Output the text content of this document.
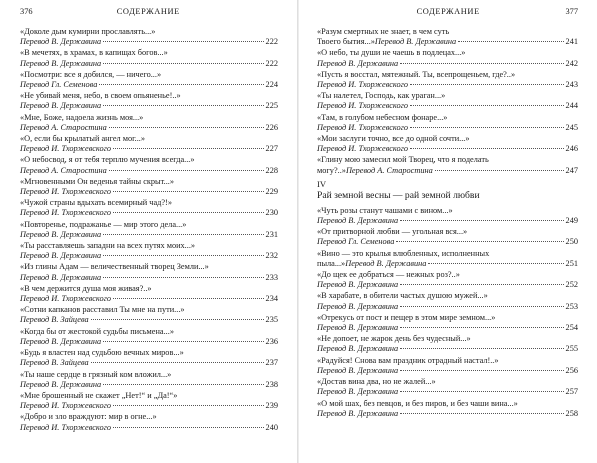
376	СОДЕРЖАНИЕ
«Доколе дым кумирни прославлять...»
Перевод В. Державина	222
«В мечетях, в храмах, в капищах богов...»
Перевод В. Державина	222
«Посмотри: все я добился, — ничего...»
Перевод Гл. Семенова	224
«Не убивай меня, небо, в своем опьяненье!..»
Перевод В. Державина	225
«Мне, Боже, надоела жизнь моя...»
Перевод А. Старостина	226
«О, если бы крылатый ангел мог...»
Перевод И. Тхоржевского	227
«О небосвод, я от тебя терплю мучения всегда...»
Перевод А. Старостина	228
«Мгновенными Он веденья тайны скрыт...»
Перевод И. Тхоржевского	229
«Чужой страны вдыхать всемирный чад?!»
Перевод И. Тхоржевского	230
«Повторенье, подражанье — мир этого дела...»
Перевод В. Державина	231
«Ты расставляешь западни на всех путях моих...»
Перевод В. Державина	232
«Из глины Адам — величественный творец Земли...»
Перевод В. Державина	233
«В чем держится душа моя живая?..»
Перевод И. Тхоржевского	234
«Сотни капканов расставил Ты мне на пути...»
Перевод В. Зайцева	235
«Когда бы от жестокой судьбы письмена...»
Перевод В. Державина	236
«Будь я властен над судьбою вечных миров...»
Перевод В. Зайцева	237
«Ты наше сердце в грязный ком вложил...»
Перевод В. Державина	238
«Мне брошенный не скажет „Нет!“ и „Да!“»
Перевод И. Тхоржевского	239
«Добро и зло враждуют: мир в огне...»
Перевод И. Тхоржевского	240
СОДЕРЖАНИЕ	377
«Разум смертных не знает, в чем суть
Твоего бытия...» Перевод В. Державина	241
«О небо, ты души не чаешь в подлецах...»
Перевод В. Державина	242
«Пусть я восстал, мятежный. Ты, всепрощеньем, где?..»
Перевод И. Тхоржевского	243
«Ты налетел, Господь, как ураган...»
Перевод И. Тхоржевского	244
«Там, в голубом небесном фонаре...»
Перевод И. Тхоржевского	245
«Мои заслуги точно, все до одной сочти...»
Перевод И. Тхоржевского	246
«Глину мою замесил мой Творец, что я поделать
могу?..» Перевод А. Старостина	247
IV
Рай земной весны — рай земной любви
«Чуть розы станут чашами с вином...»
Перевод В. Державина	249
«От притворной любви — угольная вся...»
Перевод Гл. Семенова	250
«Вино — это крылья влюбленных, исполненных
пыла...» Перевод В. Державина	251
«До щек ее добраться — нежных роз?..»
Перевод В. Державина	252
«В харабате, в обители частых душою мужей...»
Перевод В. Державина	253
«Отрекусь от пост и пещер в этом мире земном...»
Перевод В. Державина	254
«Не допоет, не жарок день без чудесный...»
Перевод В. Державина	255
«Радуйся! Снова вам праздник отрадный настал!..»
Перевод В. Державина	256
«Достав вина два, но не жалей...»
Перевод В. Державина	257
«О мой шах, без певцов, и без пиров, и без чаши вина...»
Перевод В. Державина	258
